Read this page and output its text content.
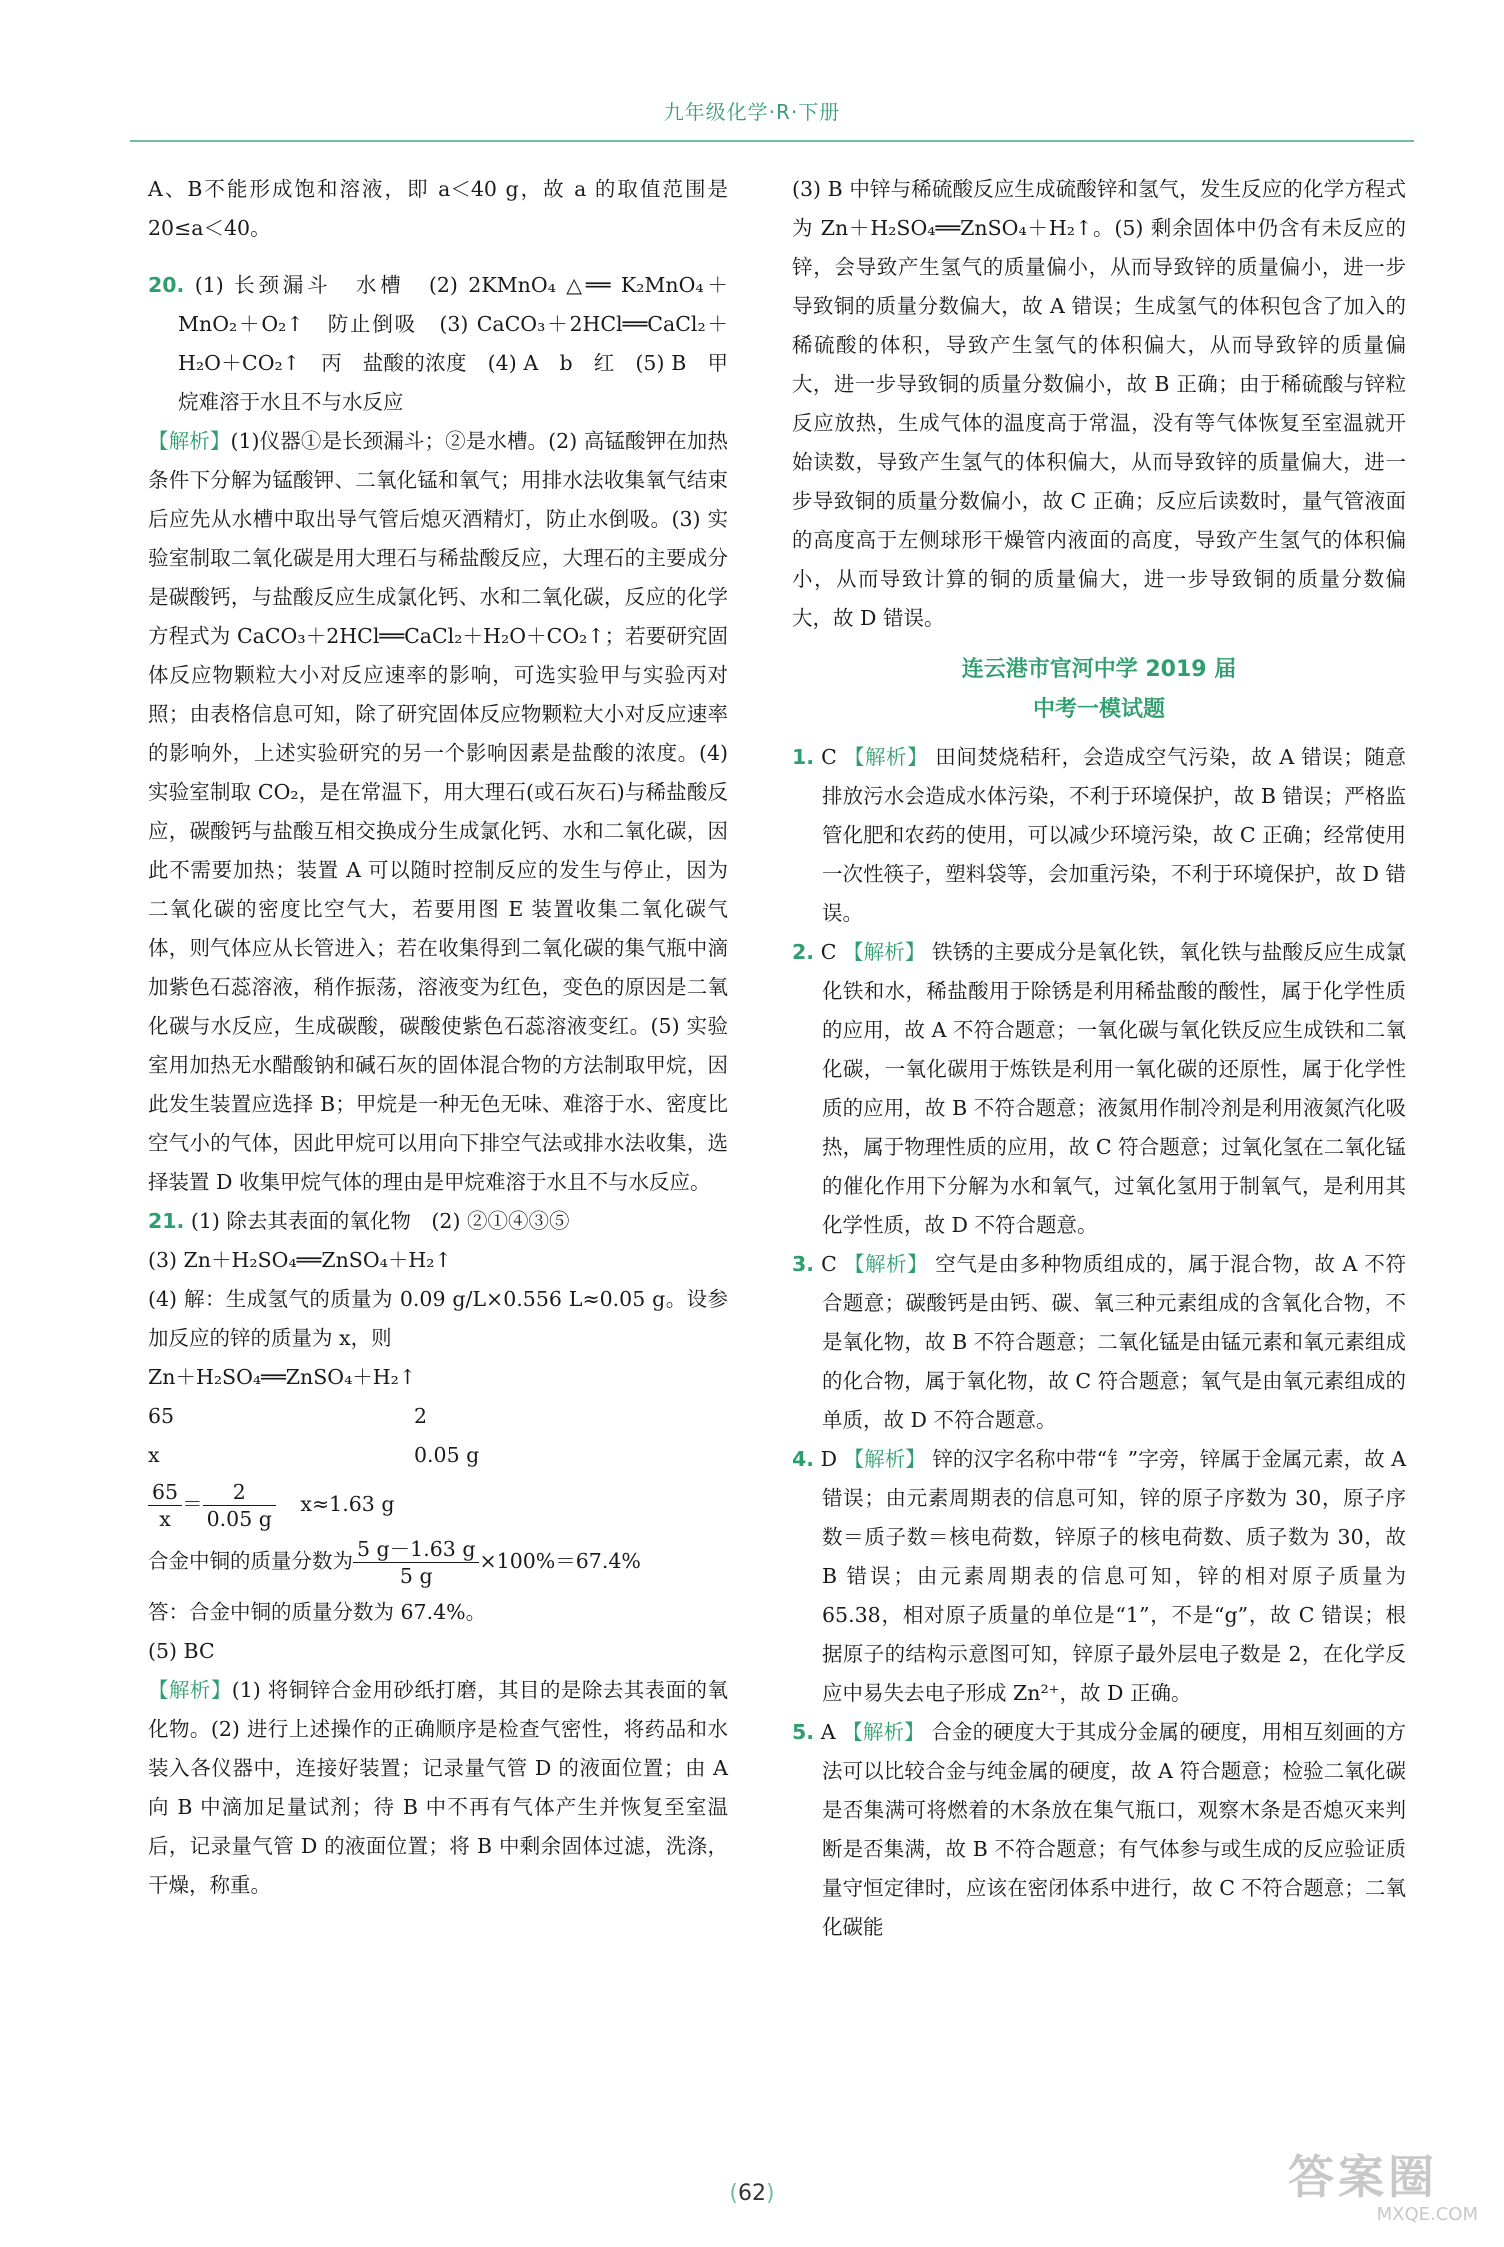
九年级化学·R·下册

A、B不能形成饱和溶液，即 a＜40 g，故 a 的取值范围是 20≤a＜40。

20. (1) 长颈漏斗　水槽　(2) 2KMnO₄ △══ K₂MnO₄＋MnO₂＋O₂↑　防止倒吸　(3) CaCO₃＋2HCl══CaCl₂＋H₂O＋CO₂↑　丙　盐酸的浓度　(4) A　b　红　(5) B　甲烷难溶于水且不与水反应

【解析】(1)仪器①是长颈漏斗；②是水槽。(2) 高锰酸钾在加热条件下分解为锰酸钾、二氧化锰和氧气；用排水法收集氧气结束后应先从水槽中取出导气管后熄灭酒精灯，防止水倒吸。(3) 实验室制取二氧化碳是用大理石与稀盐酸反应，大理石的主要成分是碳酸钙，与盐酸反应生成氯化钙、水和二氧化碳，反应的化学方程式为 CaCO₃＋2HCl══CaCl₂＋H₂O＋CO₂↑；若要研究固体反应物颗粒大小对反应速率的影响，可选实验甲与实验丙对照；由表格信息可知，除了研究固体反应物颗粒大小对反应速率的影响外，上述实验研究的另一个影响因素是盐酸的浓度。(4) 实验室制取 CO₂，是在常温下，用大理石(或石灰石)与稀盐酸反应，碳酸钙与盐酸互相交换成分生成氯化钙、水和二氧化碳，因此不需要加热；装置 A 可以随时控制反应的发生与停止，因为二氧化碳的密度比空气大，若要用图 E 装置收集二氧化碳气体，则气体应从长管进入；若在收集得到二氧化碳的集气瓶中滴加紫色石蕊溶液，稍作振荡，溶液变为红色，变色的原因是二氧化碳与水反应，生成碳酸，碳酸使紫色石蕊溶液变红。(5) 实验室用加热无水醋酸钠和碱石灰的固体混合物的方法制取甲烷，因此发生装置应选择 B；甲烷是一种无色无味、难溶于水、密度比空气小的气体，因此甲烷可以用向下排空气法或排水法收集，选择装置 D 收集甲烷气体的理由是甲烷难溶于水且不与水反应。

21. (1) 除去其表面的氧化物　(2) ②①④③⑤

(3) Zn＋H₂SO₄══ZnSO₄＋H₂↑

(4) 解：生成氢气的质量为 0.09 g/L×0.556 L≈0.05 g。设参加反应的锌的质量为 x，则

Zn＋H₂SO₄══ZnSO₄＋H₂↑

65	2
x	0.05 g
$\frac{65}{x} = \frac{2}{0.05 g} x\approx 1.63$ g
合金中铜的质量分数为 $\frac{5 g-1.63 g}{5 g} \times 100\%=67.4\%$

答：合金中铜的质量分数为 67.4%。

(5) BC

【解析】(1) 将铜锌合金用砂纸打磨，其目的是除去其表面的氧化物。(2) 进行上述操作的正确顺序是检查气密性，将药品和水装入各仪器中，连接好装置；记录量气管 D 的液面位置；由 A 向 B 中滴加足量试剂；待 B 中不再有气体产生并恢复至室温后，记录量气管 D 的液面位置；将 B 中剩余固体过滤，洗涤，干燥，称重。

(3) B 中锌与稀硫酸反应生成硫酸锌和氢气，发生反应的化学方程式为 Zn＋H₂SO₄══ZnSO₄＋H₂↑。(5) 剩余固体中仍含有未反应的锌，会导致产生氢气的质量偏小，从而导致锌的质量偏小，进一步导致铜的质量分数偏大，故 A 错误；生成氢气的体积包含了加入的稀硫酸的体积，导致产生氢气的体积偏大，从而导致锌的质量偏大，进一步导致铜的质量分数偏小，故 B 正确；由于稀硫酸与锌粒反应放热，生成气体的温度高于常温，没有等气体恢复至室温就开始读数，导致产生氢气的体积偏大，从而导致锌的质量偏大，进一步导致铜的质量分数偏小，故 C 正确；反应后读数时，量气管液面的高度高于左侧球形干燥管内液面的高度，导致产生氢气的体积偏小，从而导致计算的铜的质量偏大，进一步导致铜的质量分数偏大，故 D 错误。

连云港市官河中学 2019 届
中考一模试题

1. C 【解析】 田间焚烧秸秆，会造成空气污染，故 A 错误；随意排放污水会造成水体污染，不利于环境保护，故 B 错误；严格监管化肥和农药的使用，可以减少环境污染，故 C 正确；经常使用一次性筷子，塑料袋等，会加重污染，不利于环境保护，故 D 错误。

2. C 【解析】 铁锈的主要成分是氧化铁，氧化铁与盐酸反应生成氯化铁和水，稀盐酸用于除锈是利用稀盐酸的酸性，属于化学性质的应用，故 A 不符合题意；一氧化碳与氧化铁反应生成铁和二氧化碳，一氧化碳用于炼铁是利用一氧化碳的还原性，属于化学性质的应用，故 B 不符合题意；液氮用作制冷剂是利用液氮汽化吸热，属于物理性质的应用，故 C 符合题意；过氧化氢在二氧化锰的催化作用下分解为水和氧气，过氧化氢用于制氧气，是利用其化学性质，故 D 不符合题意。

3. C 【解析】 空气是由多种物质组成的，属于混合物，故 A 不符合题意；碳酸钙是由钙、碳、氧三种元素组成的含氧化合物，不是氧化物，故 B 不符合题意；二氧化锰是由锰元素和氧元素组成的化合物，属于氧化物，故 C 符合题意；氧气是由氧元素组成的单质，故 D 不符合题意。

4. D 【解析】 锌的汉字名称中带“钅”字旁，锌属于金属元素，故 A 错误；由元素周期表的信息可知，锌的原子序数为 30，原子序数＝质子数＝核电荷数，锌原子的核电荷数、质子数为 30，故 B 错误；由元素周期表的信息可知，锌的相对原子质量为 65.38，相对原子质量的单位是“1”，不是“g”，故 C 错误；根据原子的结构示意图可知，锌原子最外层电子数是 2，在化学反应中易失去电子形成 Zn²⁺，故 D 正确。

5. A 【解析】 合金的硬度大于其成分金属的硬度，用相互刻画的方法可以比较合金与纯金属的硬度，故 A 符合题意；检验二氧化碳是否集满可将燃着的木条放在集气瓶口，观察木条是否熄灭来判断是否集满，故 B 不符合题意；有气体参与或生成的反应验证质量守恒定律时，应该在密闭体系中进行，故 C 不符合题意；二氧化碳能

(62)	答案圈
MXQE.COM
